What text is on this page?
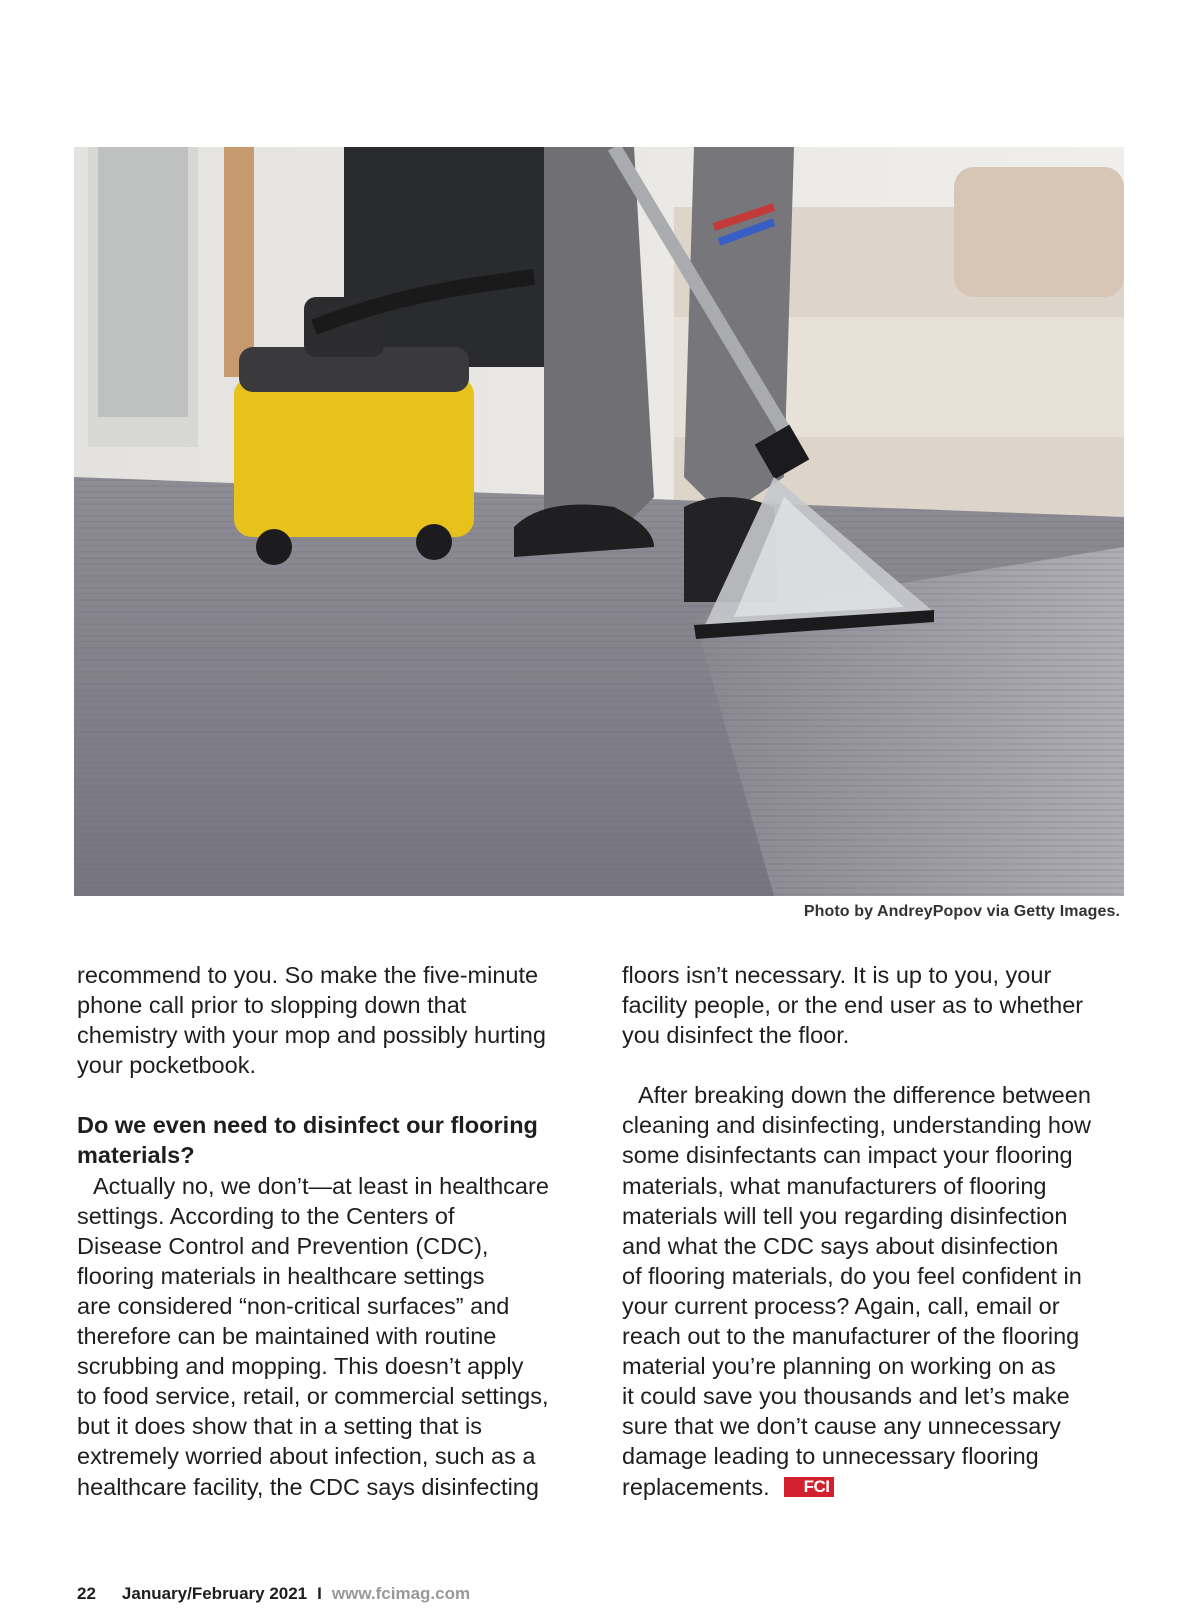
Photo by AndreyPopov via Getty Images.

recommend to you. So make the five-minute
phone call prior to slopping down that
chemistry with your mop and possibly hurting
your pocketbook.

Do we even need to disinfect our flooring
materials?

Actually no, we don’t—at least in healthcare
settings. According to the Centers of
Disease Control and Prevention (CDC),
flooring materials in healthcare settings
are considered “non-critical surfaces” and
therefore can be maintained with routine
scrubbing and mopping. This doesn’t apply
to food service, retail, or commercial settings,
but it does show that in a setting that is
extremely worried about infection, such as a
healthcare facility, the CDC says disinfecting

floors isn’t necessary. It is up to you, your
facility people, or the end user as to whether
you disinfect the floor.

After breaking down the difference between
cleaning and disinfecting, understanding how
some disinfectants can impact your flooring
materials, what manufacturers of flooring
materials will tell you regarding disinfection
and what the CDC says about disinfection
of flooring materials, do you feel confident in
your current process? Again, call, email or
reach out to the manufacturer of the flooring
material you’re planning on working on as
it could save you thousands and let’s make
sure that we don’t cause any unnecessary
damage leading to unnecessary flooring
replacements. FCI

22 January/February 2021 I www.fcimag.com
